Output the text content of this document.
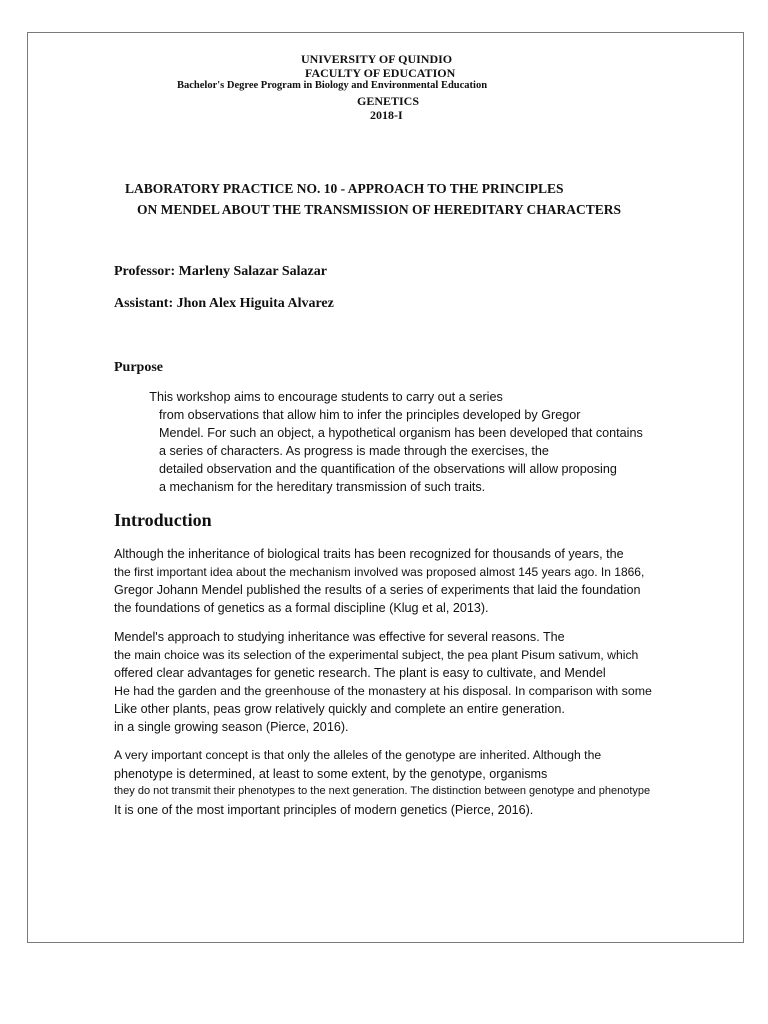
UNIVERSITY OF QUINDIO
FACULTY OF EDUCATION
Bachelor's Degree Program in Biology and Environmental Education
GENETICS
2018-I
LABORATORY PRACTICE NO. 10 - APPROACH TO THE PRINCIPLES
ON MENDEL ABOUT THE TRANSMISSION OF HEREDITARY CHARACTERS
Professor: Marleny Salazar Salazar
Assistant: Jhon Alex Higuita Alvarez
Purpose
This workshop aims to encourage students to carry out a series
from observations that allow him to infer the principles developed by Gregor
Mendel. For such an object, a hypothetical organism has been developed that contains
a series of characters. As progress is made through the exercises, the
detailed observation and the quantification of the observations will allow proposing
a mechanism for the hereditary transmission of such traits.
Introduction
Although the inheritance of biological traits has been recognized for thousands of years, the
the first important idea about the mechanism involved was proposed almost 145 years ago. In 1866,
Gregor Johann Mendel published the results of a series of experiments that laid the foundation
the foundations of genetics as a formal discipline (Klug et al, 2013).
Mendel's approach to studying inheritance was effective for several reasons. The
the main choice was its selection of the experimental subject, the pea plant Pisum sativum, which
offered clear advantages for genetic research. The plant is easy to cultivate, and Mendel
He had the garden and the greenhouse of the monastery at his disposal. In comparison with some
Like other plants, peas grow relatively quickly and complete an entire generation.
in a single growing season (Pierce, 2016).
A very important concept is that only the alleles of the genotype are inherited. Although the
phenotype is determined, at least to some extent, by the genotype, organisms
they do not transmit their phenotypes to the next generation. The distinction between genotype and phenotype
It is one of the most important principles of modern genetics (Pierce, 2016).
